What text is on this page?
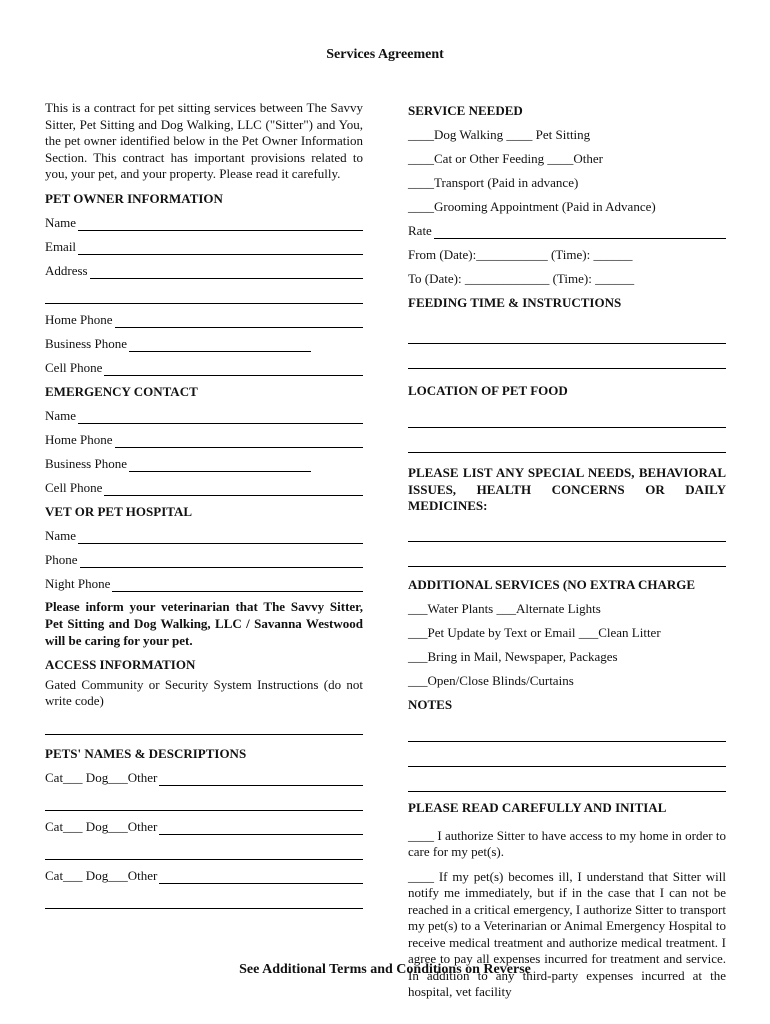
Services Agreement

This is a contract for pet sitting services between The Savvy Sitter, Pet Sitting and Dog Walking, LLC ("Sitter") and You, the pet owner identified below in the Pet Owner Information Section. This contract has important provisions related to you, your pet, and your property. Please read it carefully.

PET OWNER INFORMATION
Name
Email
Address
Home Phone
Business Phone
Cell Phone
EMERGENCY CONTACT
Name
Home Phone
Business Phone
Cell Phone
VET OR PET HOSPITAL
Name
Phone
Night Phone

Please inform your veterinarian that The Savvy Sitter, Pet Sitting and Dog Walking, LLC / Savanna Westwood will be caring for your pet.

ACCESS INFORMATION

Gated Community or Security System Instructions (do not write code)

PETS' NAMES & DESCRIPTIONS
Cat___ Dog___Other
Cat___ Dog___Other
Cat___ Dog___Other
SERVICE NEEDED
____Dog Walking ____ Pet Sitting
____Cat or Other Feeding ____Other
____Transport (Paid in advance)
____Grooming Appointment (Paid in Advance)
Rate
From (Date):___________ (Time): ______
To (Date): _____________ (Time): ______
FEEDING TIME & INSTRUCTIONS
LOCATION OF PET FOOD

PLEASE LIST ANY SPECIAL NEEDS, BEHAVIORAL ISSUES, HEALTH CONCERNS OR DAILY MEDICINES:

ADDITIONAL SERVICES (NO EXTRA CHARGE
___Water Plants ___Alternate Lights
___Pet Update by Text or Email ___Clean Litter
___Bring in Mail, Newspaper, Packages
___Open/Close Blinds/Curtains
NOTES
PLEASE READ CAREFULLY AND INITIAL

____ I authorize Sitter to have access to my home in order to care for my pet(s).

____ If my pet(s) becomes ill, I understand that Sitter will notify me immediately, but if in the case that I can not be reached in a critical emergency, I authorize Sitter to transport my pet(s) to a Veterinarian or Animal Emergency Hospital to receive medical treatment and authorize medical treatment. I agree to pay all expenses incurred for treatment and service. In addition to any third-party expenses incurred at the hospital, vet facility

See Additional Terms and Conditions on Reverse
